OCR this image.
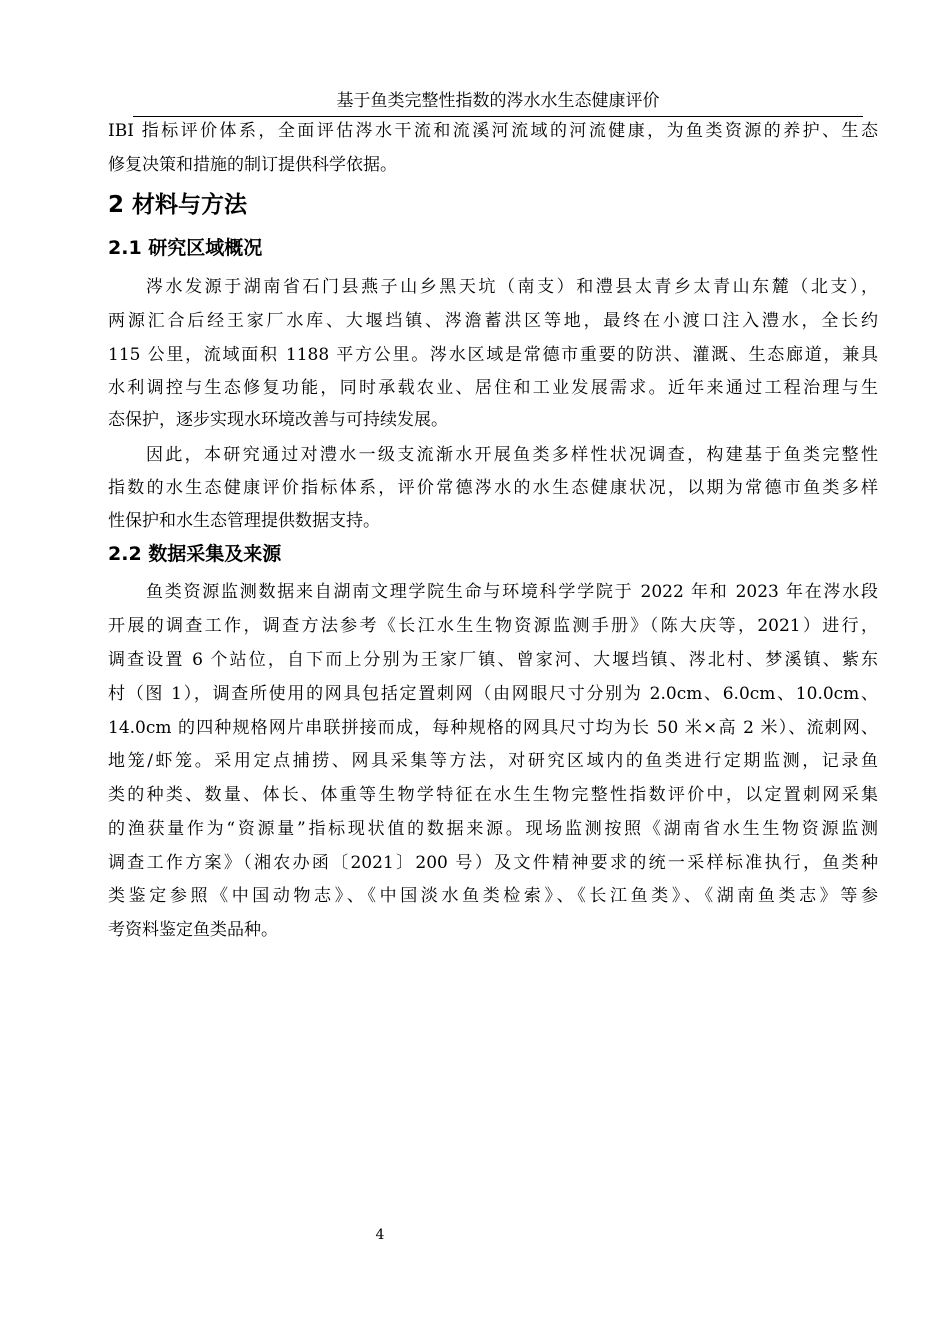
基于鱼类完整性指数的涔水水生态健康评价
IBI 指标评价体系，全面评估涔水干流和流溪河流域的河流健康，为鱼类资源的养护、生态
修复决策和措施的制订提供科学依据。
2 材料与方法
2.1 研究区域概况
涔水发源于湖南省石门县燕子山乡黑天坑（南支）和澧县太青乡太青山东麓（北支），
两源汇合后经王家厂水库、大堰垱镇、涔澹蓄洪区等地，最终在小渡口注入澧水，全长约
115 公里，流域面积 1188 平方公里。涔水区域是常德市重要的防洪、灌溉、生态廊道，兼具
水利调控与生态修复功能，同时承载农业、居住和工业发展需求。近年来通过工程治理与生
态保护，逐步实现水环境改善与可持续发展。
因此，本研究通过对澧水一级支流渐水开展鱼类多样性状况调查，构建基于鱼类完整性
指数的水生态健康评价指标体系，评价常德涔水的水生态健康状况，以期为常德市鱼类多样
性保护和水生态管理提供数据支持。
2.2 数据采集及来源
鱼类资源监测数据来自湖南文理学院生命与环境科学学院于 2022 年和 2023 年在涔水段
开展的调查工作，调查方法参考《长江水生生物资源监测手册》（陈大庆等，2021）进行，
调查设置 6 个站位，自下而上分别为王家厂镇、曾家河、大堰垱镇、涔北村、梦溪镇、紫东
村（图 1），调查所使用的网具包括定置刺网（由网眼尺寸分别为 2.0cm、6.0cm、10.0cm、
14.0cm 的四种规格网片串联拼接而成，每种规格的网具尺寸均为长 50 米×高 2 米）、流刺网、
地笼/虾笼。采用定点捕捞、网具采集等方法，对研究区域内的鱼类进行定期监测，记录鱼
类的种类、数量、体长、体重等生物学特征在水生生物完整性指数评价中，以定置刺网采集
的渔获量作为“资源量”指标现状值的数据来源。现场监测按照《湖南省水生生物资源监测
调查工作方案》（湘农办函〔2021〕200 号）及文件精神要求的统一采样标准执行，鱼类种
类鉴定参照《中国动物志》、《中国淡水鱼类检索》、《长江鱼类》、《湖南鱼类志》等参
考资料鉴定鱼类品种。
4
